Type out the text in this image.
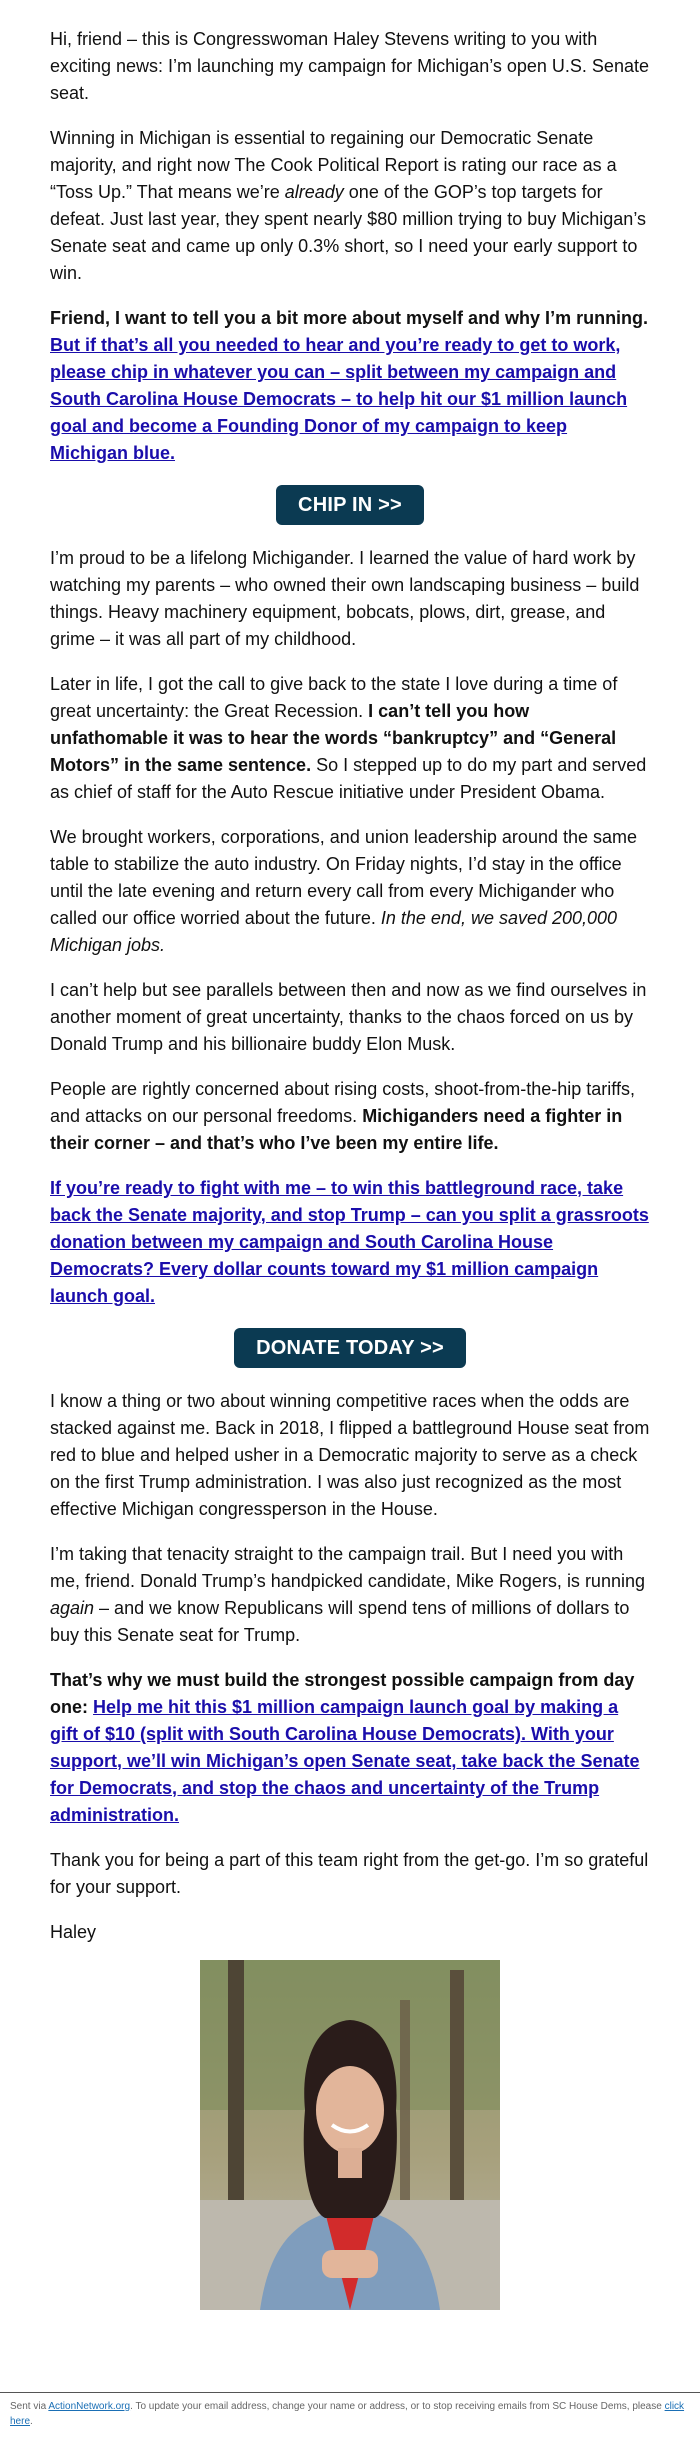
Hi, friend – this is Congresswoman Haley Stevens writing to you with exciting news: I’m launching my campaign for Michigan’s open U.S. Senate seat.

Winning in Michigan is essential to regaining our Democratic Senate majority, and right now The Cook Political Report is rating our race as a “Toss Up.” That means we’re already one of the GOP’s top targets for defeat. Just last year, they spent nearly $80 million trying to buy Michigan’s Senate seat and came up only 0.3% short, so I need your early support to win.

Friend, I want to tell you a bit more about myself and why I’m running. But if that’s all you needed to hear and you’re ready to get to work, please chip in whatever you can – split between my campaign and South Carolina House Democrats – to help hit our $1 million launch goal and become a Founding Donor of my campaign to keep Michigan blue.

CHIP IN >>

I’m proud to be a lifelong Michigander. I learned the value of hard work by watching my parents – who owned their own landscaping business – build things. Heavy machinery equipment, bobcats, plows, dirt, grease, and grime – it was all part of my childhood.

Later in life, I got the call to give back to the state I love during a time of great uncertainty: the Great Recession. I can’t tell you how unfathomable it was to hear the words “bankruptcy” and “General Motors” in the same sentence. So I stepped up to do my part and served as chief of staff for the Auto Rescue initiative under President Obama.

We brought workers, corporations, and union leadership around the same table to stabilize the auto industry. On Friday nights, I’d stay in the office until the late evening and return every call from every Michigander who called our office worried about the future. In the end, we saved 200,000 Michigan jobs.

I can’t help but see parallels between then and now as we find ourselves in another moment of great uncertainty, thanks to the chaos forced on us by Donald Trump and his billionaire buddy Elon Musk.

People are rightly concerned about rising costs, shoot-from-the-hip tariffs, and attacks on our personal freedoms. Michiganders need a fighter in their corner – and that’s who I’ve been my entire life.

If you’re ready to fight with me – to win this battleground race, take back the Senate majority, and stop Trump – can you split a grassroots donation between my campaign and South Carolina House Democrats? Every dollar counts toward my $1 million campaign launch goal.

DONATE TODAY >>

I know a thing or two about winning competitive races when the odds are stacked against me. Back in 2018, I flipped a battleground House seat from red to blue and helped usher in a Democratic majority to serve as a check on the first Trump administration. I was also just recognized as the most effective Michigan congressperson in the House.

I’m taking that tenacity straight to the campaign trail. But I need you with me, friend. Donald Trump’s handpicked candidate, Mike Rogers, is running again – and we know Republicans will spend tens of millions of dollars to buy this Senate seat for Trump.

That’s why we must build the strongest possible campaign from day one: Help me hit this $1 million campaign launch goal by making a gift of $10 (split with South Carolina House Democrats). With your support, we’ll win Michigan’s open Senate seat, take back the Senate for Democrats, and stop the chaos and uncertainty of the Trump administration.

Thank you for being a part of this team right from the get-go. I’m so grateful for your support.

Haley

Sent via ActionNetwork.org. To update your email address, change your name or address, or to stop receiving emails from SC House Dems, please click here.
